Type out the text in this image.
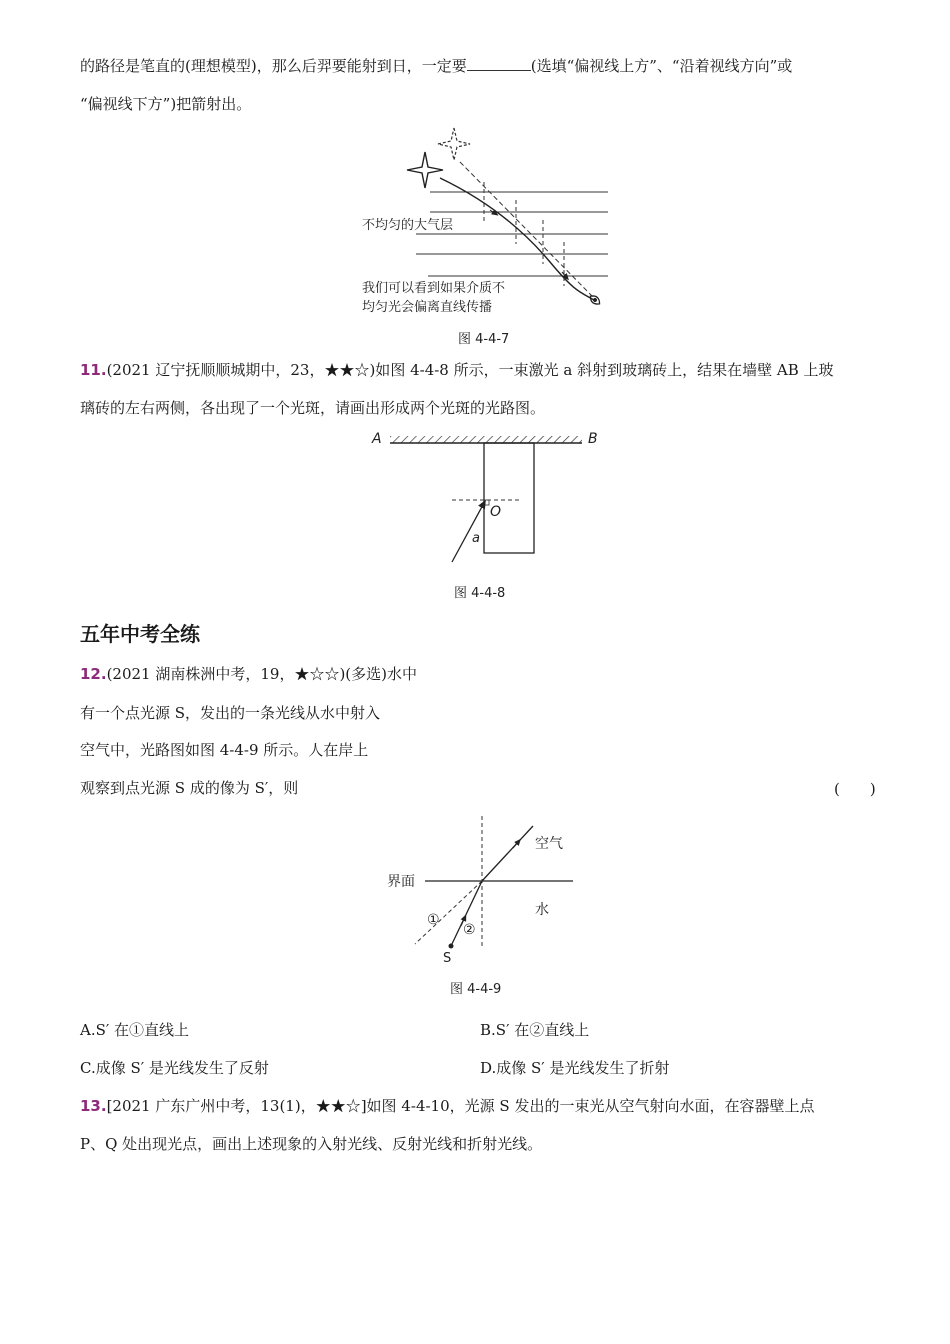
的路径是笔直的(理想模型)，那么后羿要能射到日，一定要	(选填“偏视线上方”、“沿着视线方向”或
“偏视线下方”)把箭射出。
不均匀的大气层
我们可以看到如果介质不
均匀光会偏离直线传播
图 4-4-7
11.(2021 辽宁抚顺顺城期中，23，★★☆)如图 4-4-8 所示，一束激光 a 斜射到玻璃砖上，结果在墙壁 AB 上玻
璃砖的左右两侧，各出现了一个光斑，请画出形成两个光斑的光路图。
A	B
O
a
图 4-4-8
五年中考全练
12.(2021 湖南株洲中考，19，★☆☆)(多选)水中
有一个点光源 S，发出的一条光线从水中射入
空气中，光路图如图 4-4-9 所示。人在岸上
观察到点光源 S 成的像为 S′，则	(　　)
空气
界面
水
①
②
S
图 4-4-9
A.S′ 在①直线上	B.S′ 在②直线上
C.成像 S′ 是光线发生了反射	D.成像 S′ 是光线发生了折射
13.[2021 广东广州中考，13(1)，★★☆]如图 4-4-10，光源 S 发出的一束光从空气射向水面，在容器壁上点
P、Q 处出现光点，画出上述现象的入射光线、反射光线和折射光线。
